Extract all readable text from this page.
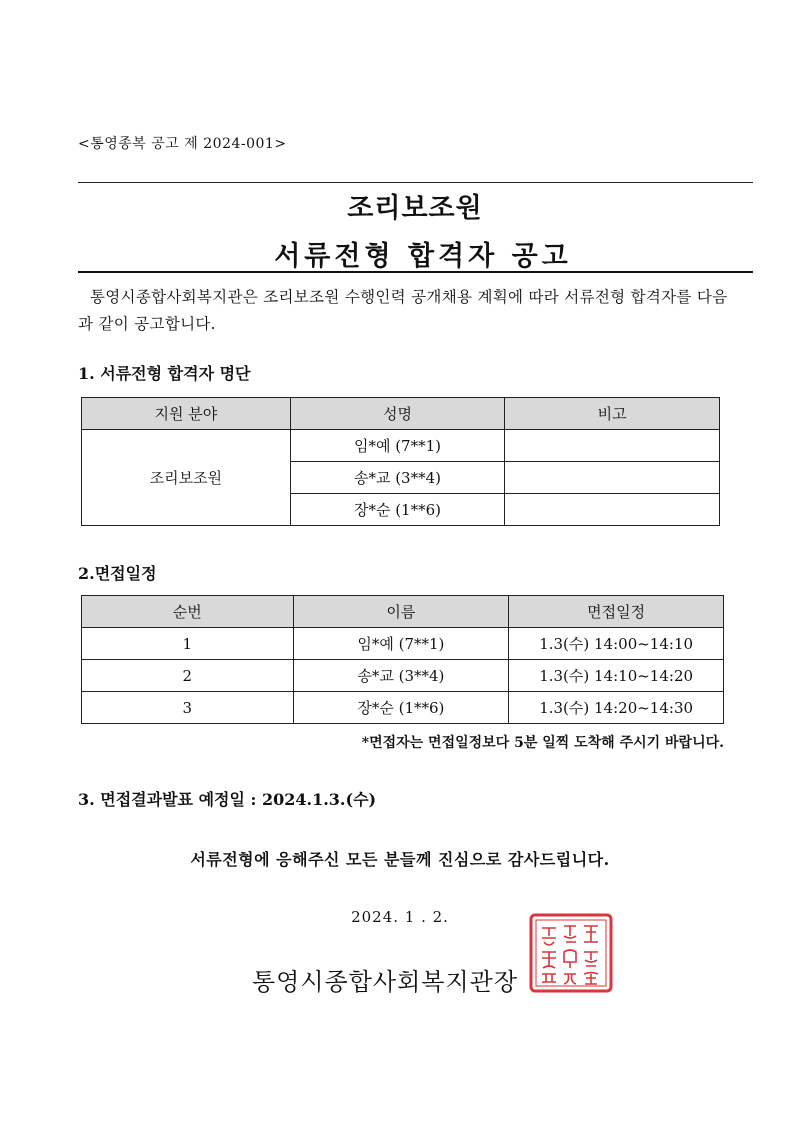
<통영종복 공고 제 2024-001>
조리보조원
서류전형 합격자 공고
통영시종합사회복지관은 조리보조원 수행인력 공개채용 계획에 따라 서류전형 합격자를 다음과 같이 공고합니다.
1. 서류전형 합격자 명단
지원 분야	성명	비고
조리보조원	임*예 (7**1)	
	송*교 (3**4)	
	장*순 (1**6)	
2.면접일정
순번	이름	면접일정
1	임*예 (7**1)	1.3(수) 14:00~14:10
2	송*교 (3**4)	1.3(수) 14:10~14:20
3	장*순 (1**6)	1.3(수) 14:20~14:30
*면접자는 면접일정보다 5분 일찍 도착해 주시기 바랍니다.
3. 면접결과발표 예정일 : 2024.1.3.(수)
서류전형에 응해주신 모든 분들께 진심으로 감사드립니다.
2024. 1 . 2.
통영시종합사회복지관장
